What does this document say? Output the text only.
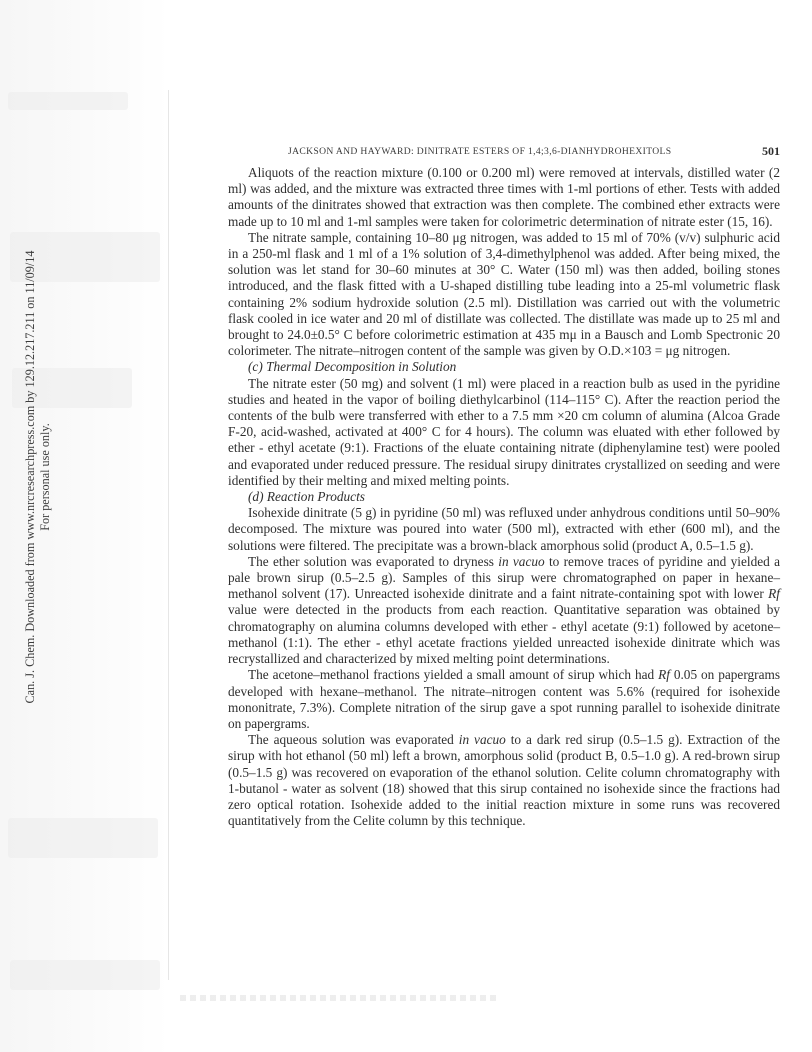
Can. J. Chem. Downloaded from www.nrcresearchpress.com by 129.12.217.211 on 11/09/14 For personal use only.
JACKSON AND HAYWARD: DINITRATE ESTERS OF 1,4;3,6-DIANHYDROHEXITOLS	501

Aliquots of the reaction mixture (0.100 or 0.200 ml) were removed at intervals, distilled water (2 ml) was added, and the mixture was extracted three times with 1-ml portions of ether. Tests with added amounts of the dinitrates showed that extraction was then complete. The combined ether extracts were made up to 10 ml and 1-ml samples were taken for colorimetric determination of nitrate ester (15, 16).

The nitrate sample, containing 10–80 μg nitrogen, was added to 15 ml of 70% (v/v) sulphuric acid in a 250-ml flask and 1 ml of a 1% solution of 3,4-dimethylphenol was added. After being mixed, the solution was let stand for 30–60 minutes at 30° C. Water (150 ml) was then added, boiling stones introduced, and the flask fitted with a U-shaped distilling tube leading into a 25-ml volumetric flask containing 2% sodium hydroxide solution (2.5 ml). Distillation was carried out with the volumetric flask cooled in ice water and 20 ml of distillate was collected. The distillate was made up to 25 ml and brought to 24.0±0.5° C before colorimetric estimation at 435 mμ in a Bausch and Lomb Spectronic 20 colorimeter. The nitrate–nitrogen content of the sample was given by O.D.×103 = μg nitrogen.

(c) Thermal Decomposition in Solution

The nitrate ester (50 mg) and solvent (1 ml) were placed in a reaction bulb as used in the pyridine studies and heated in the vapor of boiling diethylcarbinol (114–115° C). After the reaction period the contents of the bulb were transferred with ether to a 7.5 mm ×20 cm column of alumina (Alcoa Grade F-20, acid-washed, activated at 400° C for 4 hours). The column was eluated with ether followed by ether - ethyl acetate (9:1). Fractions of the eluate containing nitrate (diphenylamine test) were pooled and evaporated under reduced pressure. The residual sirupy dinitrates crystallized on seeding and were identified by their melting and mixed melting points.

(d) Reaction Products

Isohexide dinitrate (5 g) in pyridine (50 ml) was refluxed under anhydrous conditions until 50–90% decomposed. The mixture was poured into water (500 ml), extracted with ether (600 ml), and the solutions were filtered. The precipitate was a brown-black amorphous solid (product A, 0.5–1.5 g).

The ether solution was evaporated to dryness in vacuo to remove traces of pyridine and yielded a pale brown sirup (0.5–2.5 g). Samples of this sirup were chromatographed on paper in hexane–methanol solvent (17). Unreacted isohexide dinitrate and a faint nitrate-containing spot with lower Rf value were detected in the products from each reaction. Quantitative separation was obtained by chromatography on alumina columns developed with ether - ethyl acetate (9:1) followed by acetone–methanol (1:1). The ether - ethyl acetate fractions yielded unreacted isohexide dinitrate which was recrystallized and characterized by mixed melting point determinations.

The acetone–methanol fractions yielded a small amount of sirup which had Rf 0.05 on papergrams developed with hexane–methanol. The nitrate–nitrogen content was 5.6% (required for isohexide mononitrate, 7.3%). Complete nitration of the sirup gave a spot running parallel to isohexide dinitrate on papergrams.

The aqueous solution was evaporated in vacuo to a dark red sirup (0.5–1.5 g). Extraction of the sirup with hot ethanol (50 ml) left a brown, amorphous solid (product B, 0.5–1.0 g). A red-brown sirup (0.5–1.5 g) was recovered on evaporation of the ethanol solution. Celite column chromatography with 1-butanol - water as solvent (18) showed that this sirup contained no isohexide since the fractions had zero optical rotation. Isohexide added to the initial reaction mixture in some runs was recovered quantitatively from the Celite column by this technique.
